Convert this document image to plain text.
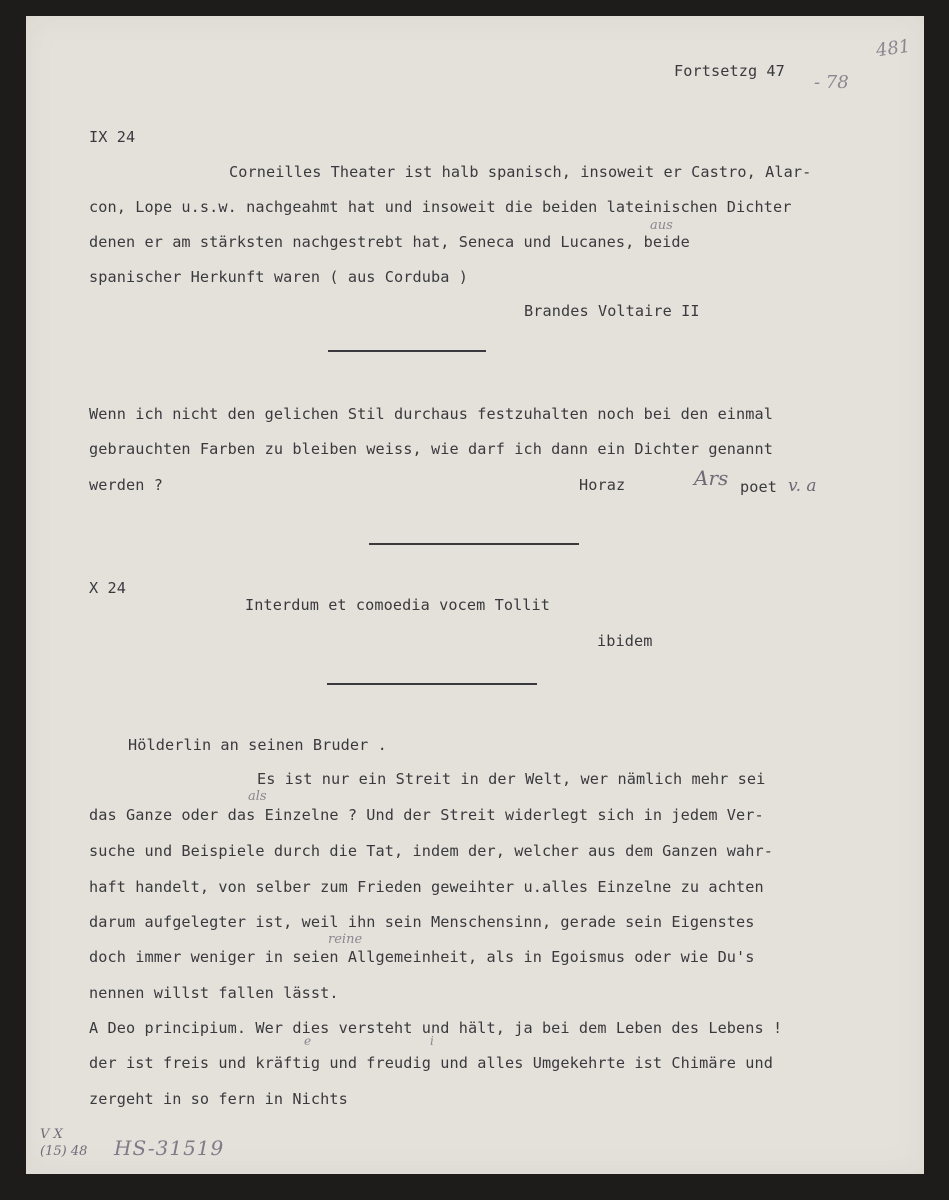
Fortsetzg 47
481
- 78
IX 24
Corneilles Theater ist halb spanisch, insoweit er Castro, Alar-
con, Lope u.s.w. nachgeahmt hat und insoweit die beiden lateinischen Dichter
aus
denen er am stärksten nachgestrebt hat, Seneca und Lucanes, beide
spanischer Herkunft waren ( aus Corduba )
Brandes Voltaire II
Wenn ich nicht den gelichen Stil durchaus festzuhalten noch bei den einmal
gebrauchten Farben zu bleiben weiss, wie darf ich dann ein Dichter genannt
werden ?	Horaz	Ars poet v. a
X 24
Interdum et comoedia vocem Tollit
ibidem
Hölderlin an seinen Bruder .
Es ist nur ein Streit in der Welt, wer nämlich mehr sei
als
das Ganze oder das Einzelne ? Und der Streit widerlegt sich in jedem Ver-
suche und Beispiele durch die Tat, indem der, welcher aus dem Ganzen wahr-
haft handelt, von selber zum Frieden geweihter u.alles Einzelne zu achten
darum aufgelegter ist, weil ihn sein Menschensinn, gerade sein Eigenstes
reine
doch immer weniger in seien Allgemeinheit, als in Egoismus oder wie Du's
nennen willst fallen lässt.
A Deo principium. Wer dies versteht und hält, ja bei dem Leben des Lebens !
e	i
der ist freis und kräftig und freudig und alles Umgekehrte ist Chimäre und
zergeht in so fern in Nichts
V X
(15) 48 HS-31519
